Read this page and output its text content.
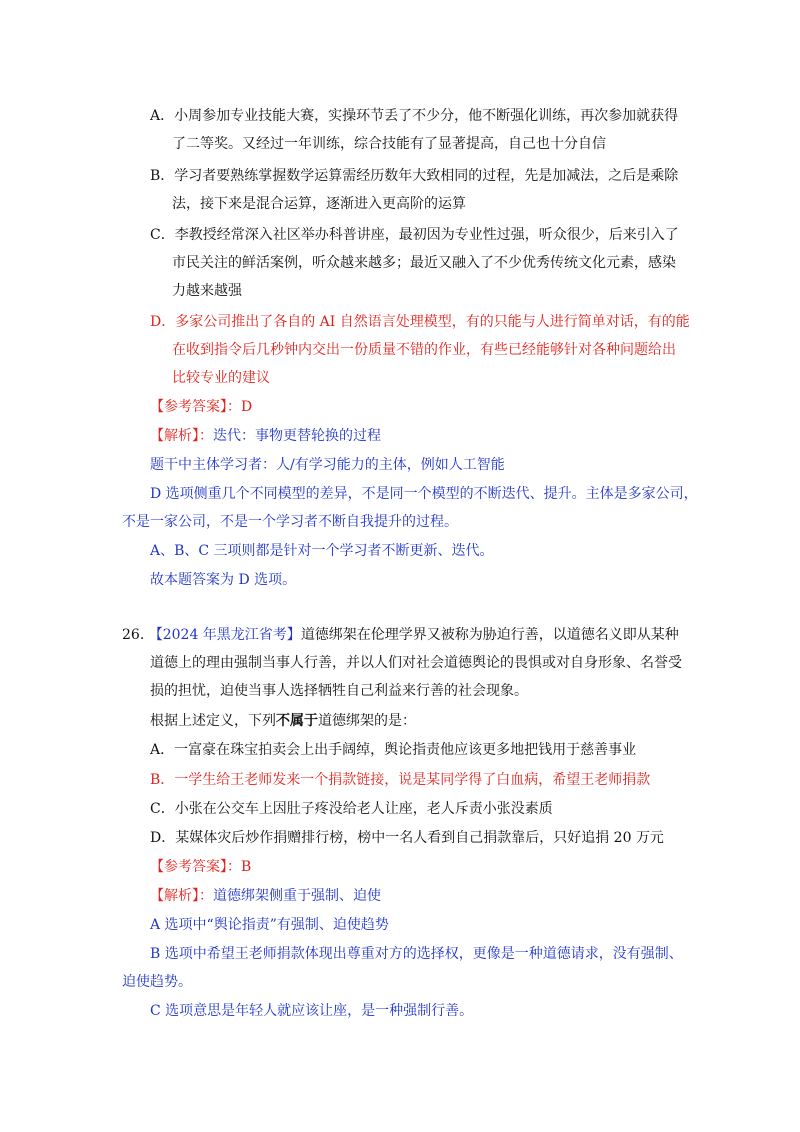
A．小周参加专业技能大赛，实操环节丢了不少分，他不断强化训练，再次参加就获得
了二等奖。又经过一年训练，综合技能有了显著提高，自己也十分自信
B．学习者要熟练掌握数学运算需经历数年大致相同的过程，先是加减法，之后是乘除
法，接下来是混合运算，逐渐进入更高阶的运算
C．李教授经常深入社区举办科普讲座，最初因为专业性过强，听众很少，后来引入了
市民关注的鲜活案例，听众越来越多；最近又融入了不少优秀传统文化元素，感染
力越来越强
D．多家公司推出了各自的 AI 自然语言处理模型，有的只能与人进行简单对话，有的能
在收到指令后几秒钟内交出一份质量不错的作业，有些已经能够针对各种问题给出
比较专业的建议
【参考答案】：D
【解析】：迭代：事物更替轮换的过程
题干中主体学习者：人/有学习能力的主体，例如人工智能
D 选项侧重几个不同模型的差异，不是同一个模型的不断迭代、提升。主体是多家公司，
不是一家公司，不是一个学习者不断自我提升的过程。
A、B、C 三项则都是针对一个学习者不断更新、迭代。
故本题答案为 D 选项。
26. 【2024 年黑龙江省考】道德绑架在伦理学界又被称为胁迫行善，以道德名义即从某种
道德上的理由强制当事人行善，并以人们对社会道德舆论的畏惧或对自身形象、名誉受
损的担忧，迫使当事人选择牺牲自己利益来行善的社会现象。
根据上述定义，下列不属于道德绑架的是：
A．一富豪在珠宝拍卖会上出手阔绰，舆论指责他应该更多地把钱用于慈善事业
B．一学生给王老师发来一个捐款链接，说是某同学得了白血病，希望王老师捐款
C．小张在公交车上因肚子疼没给老人让座，老人斥责小张没素质
D．某媒体灾后炒作捐赠排行榜，榜中一名人看到自己捐款靠后，只好追捐 20 万元
【参考答案】：B
【解析】：道德绑架侧重于强制、迫使
A 选项中“舆论指责”有强制、迫使趋势
B 选项中希望王老师捐款体现出尊重对方的选择权，更像是一种道德请求，没有强制、
迫使趋势。
C 选项意思是年轻人就应该让座，是一种强制行善。
